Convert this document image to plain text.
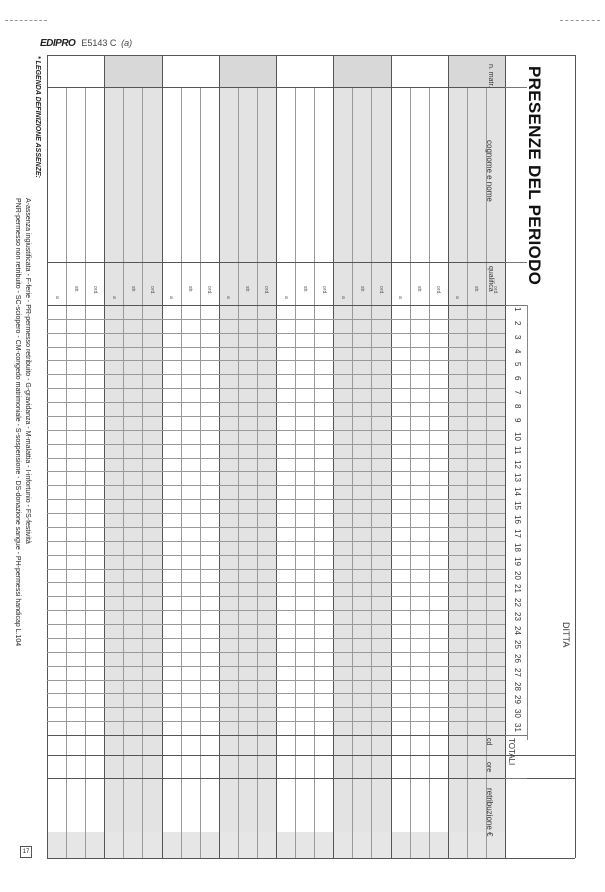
EDIPRO E5143 C (a)
1
2
3
4
5
6
7
8
9
10
11
12
13
14
15
16
17
18
19
20
21
22
23
24
25
26
27
28
29
30
31
ord.
str.
a
ord.
str.
a
ord.
str.
a
ord.
str.
a
ord.
str.
a
ord.
str.
a
ord.
str.
a
ord.
str.
a
PRESENZE DEL PERIODO
DITTA
n. matr.
cognome e nome
qualifica
TOTALI
cd
ore
retribuzione €
* LEGENDA DEFINIZIONE ASSENZE:
A-assenza ingiustificata - F-ferie - PR-permesso retribuito - G-gravidanza - M-malattia - I-infortunio - FS-festività
PNR-permesso non retribuito - SC-sciopero - CM-congedo matrimoniale - S-sospensione - DS-donazione sangue - PH-permessi handicap L.104
17
